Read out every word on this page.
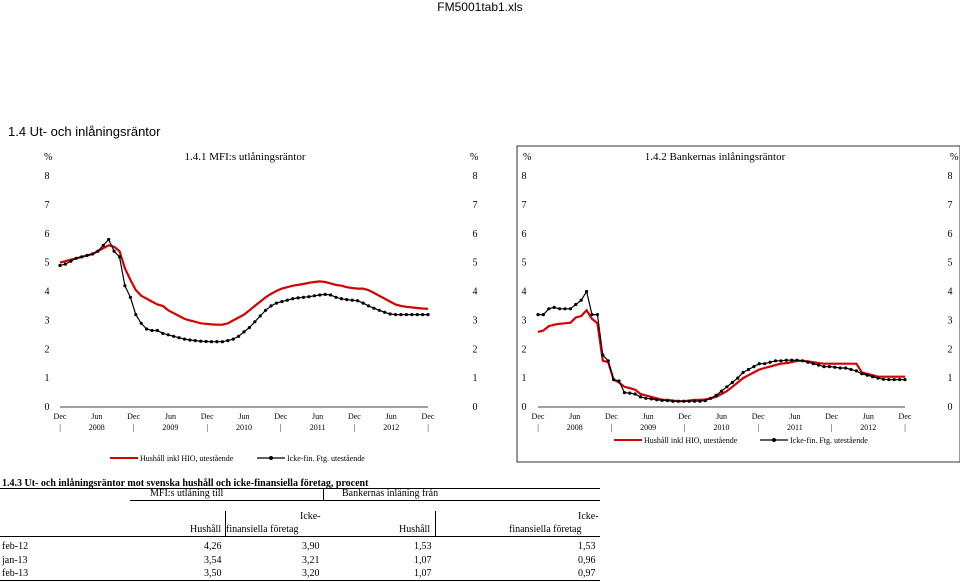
FM5001tab1.xls
1.4 Ut- och inlåningsräntor
1.4.1 MFI:s utlåningsräntor
%	%
0	0
1	1
2	2
3	3
4	4
5	5
6	6
7	7
8	8
Dec
|
Jun	Dec
|
Jun	Dec
|
Jun	Dec
|
Jun	Dec
|
Jun	Dec
|
2008	2009	2010	2011	2012
Hushåll inkl HIO, utestående	Icke-fin. Ftg. utestående
1.4.2 Bankernas inlåningsräntor
%	%
0	0
1	1
2	2
3	3
4	4
5	5
6	6
7	7
8	8
Dec
|
Jun	Dec
|
Jun	Dec
|
Jun	Dec
|
Jun	Dec
|
Jun	Dec
|
2008	2009	2010	2011	2012
Hushåll inkl HIO, utestående	Icke-fin. Ftg. utestående
1.4.3 Ut- och inlåningsräntor mot svenska hushåll och icke-finansiella företag, procent
MFI:s utlåning till	Bankernas inlåning från
Icke-	Icke-
Hushåll finansiella företag	Hushåll	finansiella företag
feb-12	4,26	3,90	1,53	1,53
jan-13	3,54	3,21	1,07	0,96
feb-13	3,50	3,20	1,07	0,97
